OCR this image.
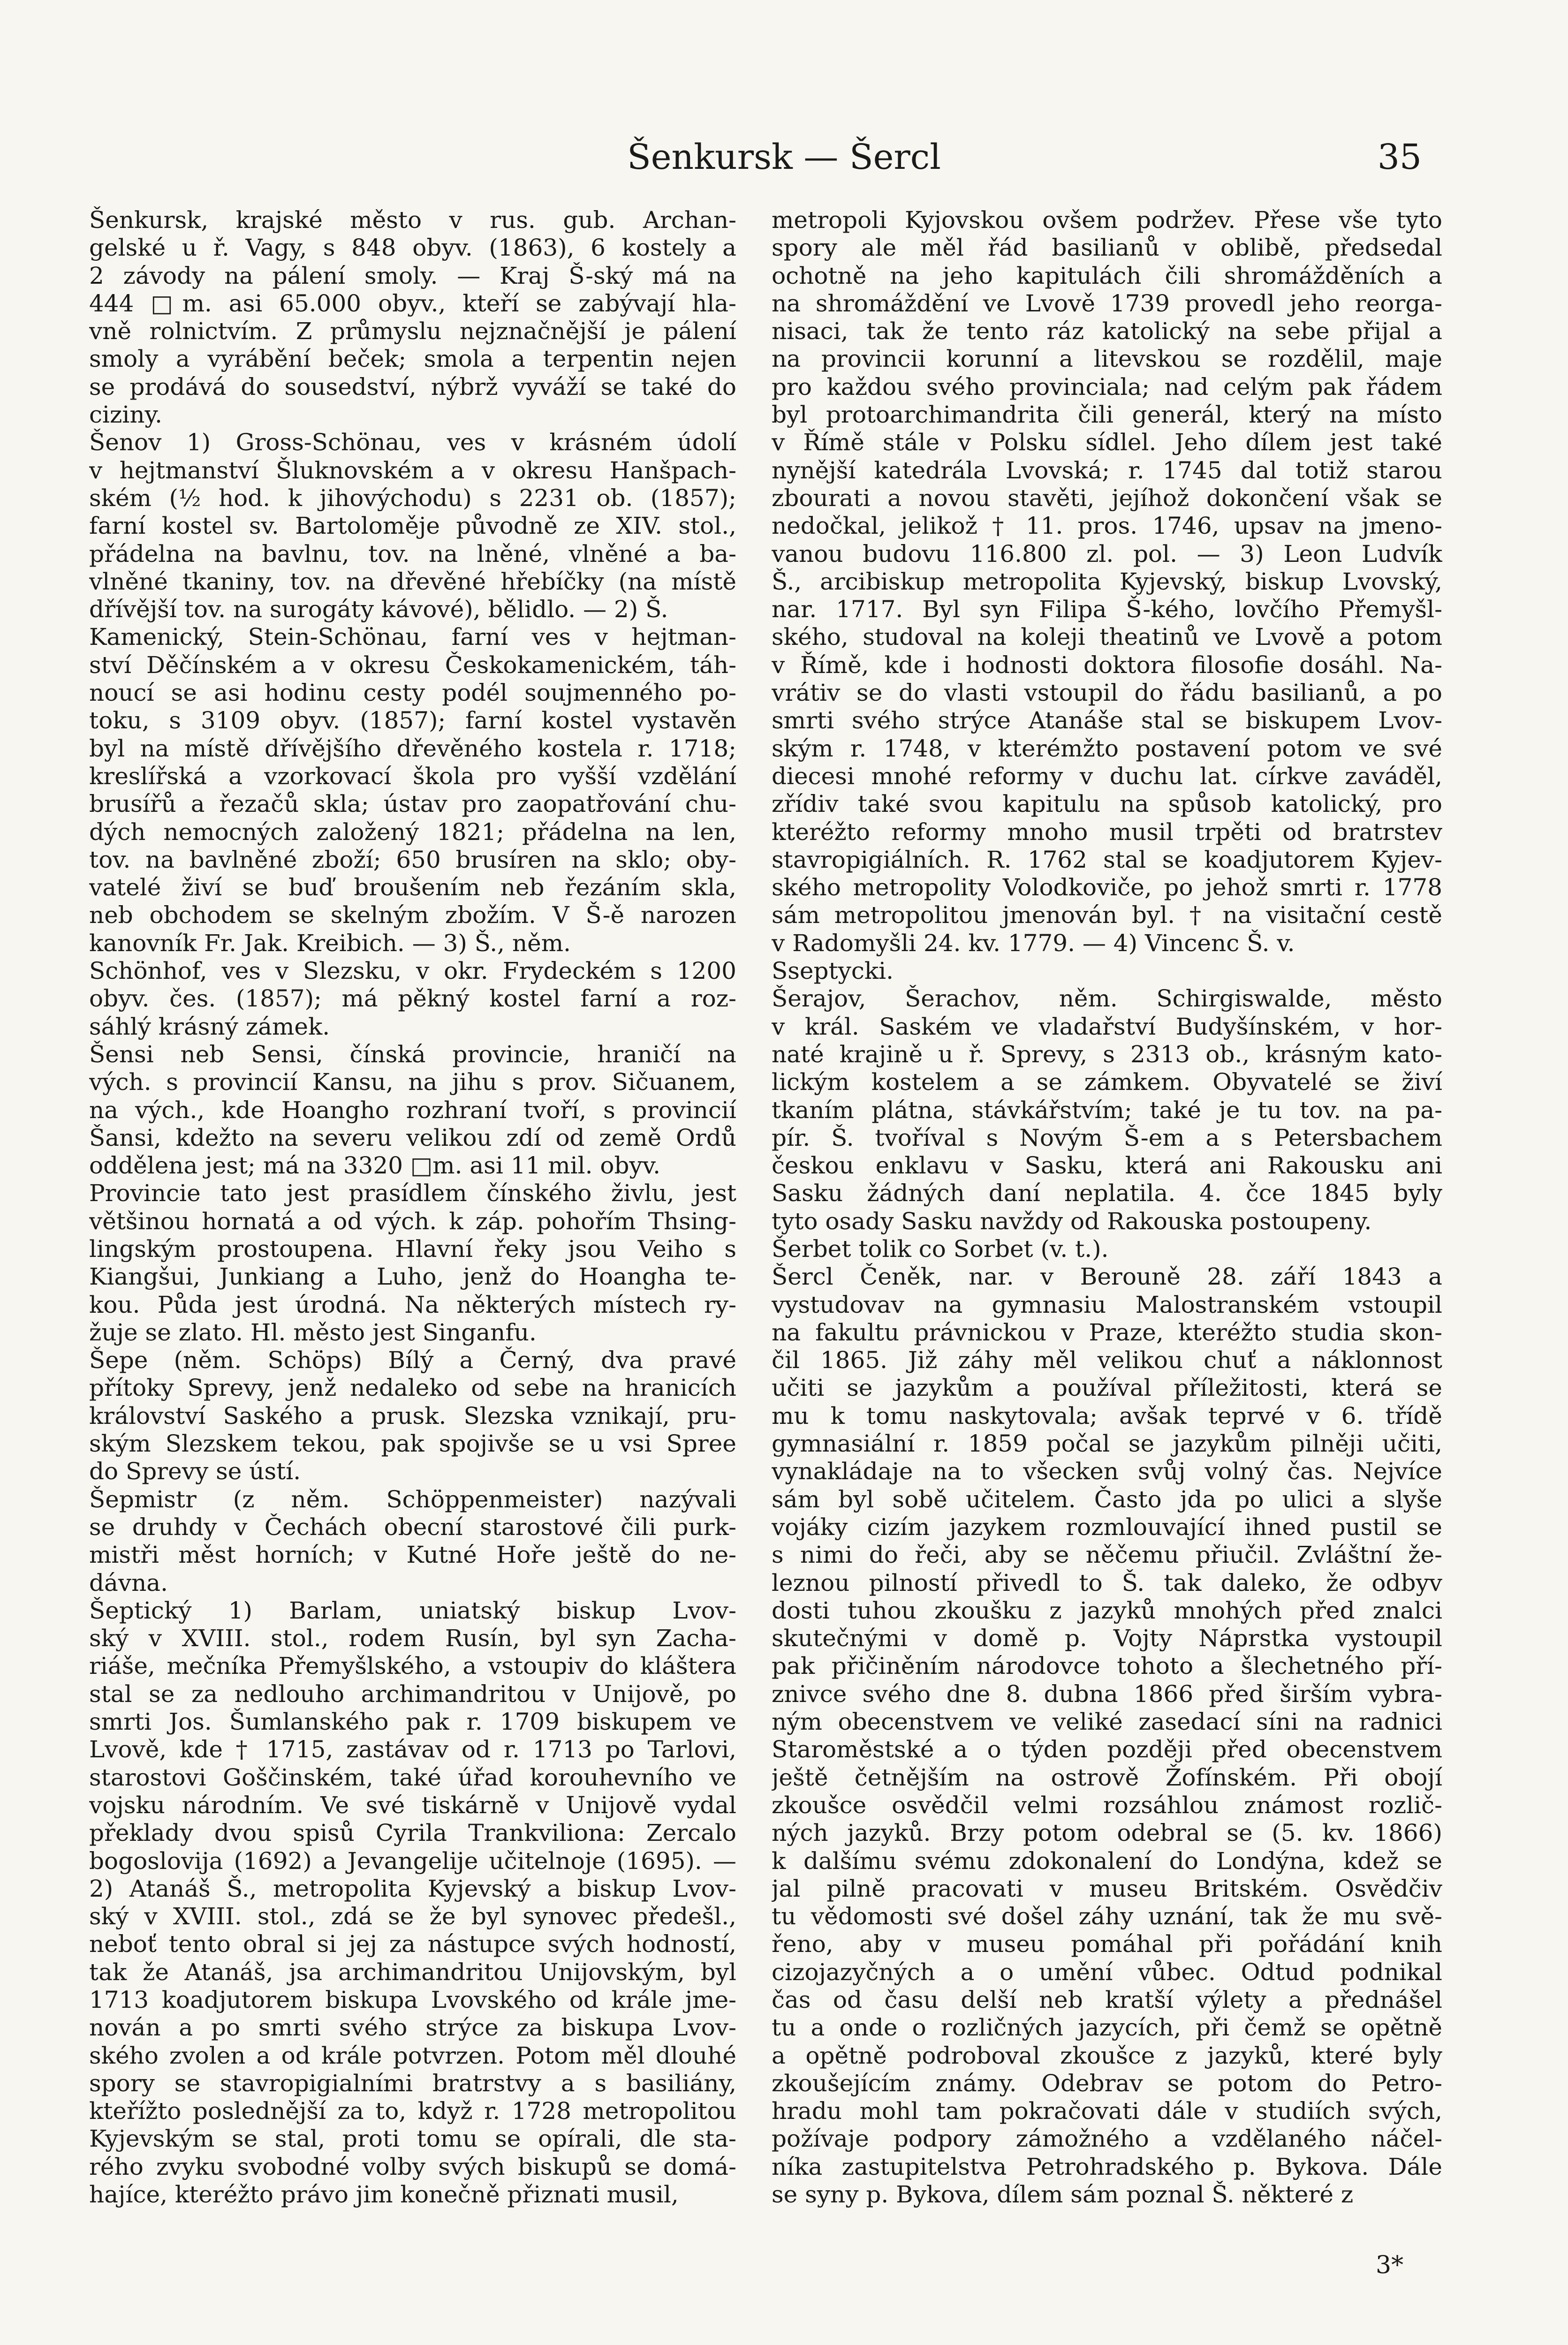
Šenkursk — Šercl	35
Šenkursk, krajské město v rus. gub. Archan-
gelské u ř. Vagy, s 848 obyv. (1863), 6 kostely a
2 závody na pálení smoly. — Kraj Š-ský má na
444 □m. asi 65.000 obyv., kteří se zabývají hla-
vně rolnictvím. Z průmyslu nejznačnější je pálení
smoly a vyrábění beček; smola a terpentin nejen
se prodává do sousedství, nýbrž vyváží se také do
ciziny.
Šenov 1) Gross-Schönau, ves v krásném údolí
v hejtmanství Šluknovském a v okresu Hanšpach-
ském (½ hod. k jihovýchodu) s 2231 ob. (1857);
farní kostel sv. Bartoloměje původně ze XIV. stol.,
přádelna na bavlnu, tov. na lněné, vlněné a ba-
vlněné tkaniny, tov. na dřevěné hřebíčky (na místě
dřívější tov. na surogáty kávové), bělidlo. — 2) Š.
Kamenický, Stein-Schönau, farní ves v hejtman-
ství Děčínském a v okresu Českokamenickém, táh-
noucí se asi hodinu cesty podél soujmenného po-
toku, s 3109 obyv. (1857); farní kostel vystavěn
byl na místě dřívějšího dřevěného kostela r. 1718;
kreslířská a vzorkovací škola pro vyšší vzdělání
brusířů a řezačů skla; ústav pro zaopatřování chu-
dých nemocných založený 1821; přádelna na len,
tov. na bavlněné zboží; 650 brusíren na sklo; oby-
vatelé živí se buď broušením neb řezáním skla,
neb obchodem se skelným zbožím. V Š-ě narozen
kanovník Fr. Jak. Kreibich. — 3) Š., něm.
Schönhof, ves v Slezsku, v okr. Frydeckém s 1200
obyv. čes. (1857); má pěkný kostel farní a roz-
sáhlý krásný zámek.
Šensi neb Sensi, čínská provincie, hraničí na
vých. s provincií Kansu, na jihu s prov. Sičuanem,
na vých., kde Hoangho rozhraní tvoří, s provincií
Šansi, kdežto na severu velikou zdí od země Ordů
oddělena jest; má na 3320 □m. asi 11 mil. obyv.
Provincie tato jest prasídlem čínského živlu, jest
většinou hornatá a od vých. k záp. pohořím Thsing-
lingským prostoupena. Hlavní řeky jsou Veiho s
Kiangšui, Junkiang a Luho, jenž do Hoangha te-
kou. Půda jest úrodná. Na některých místech ry-
žuje se zlato. Hl. město jest Singanfu.
Šepe (něm. Schöps) Bílý a Černý, dva pravé
přítoky Sprevy, jenž nedaleko od sebe na hranicích
království Saského a prusk. Slezska vznikají, pru-
ským Slezskem tekou, pak spojivše se u vsi Spree
do Sprevy se ústí.
Šepmistr (z něm. Schöppenmeister) nazývali
se druhdy v Čechách obecní starostové čili purk-
mistři měst horních; v Kutné Hoře ještě do ne-
dávna.
Šeptický 1) Barlam, uniatský biskup Lvov-
ský v XVIII. stol., rodem Rusín, byl syn Zacha-
riáše, mečníka Přemyšlského, a vstoupiv do kláštera
stal se za nedlouho archimandritou v Unijově, po
smrti Jos. Šumlanského pak r. 1709 biskupem ve
Lvově, kde † 1715, zastávav od r. 1713 po Tarlovi,
starostovi Goščinském, také úřad korouhevního ve
vojsku národním. Ve své tiskárně v Unijově vydal
překlady dvou spisů Cyrila Trankviliona: Zercalo
bogoslovija (1692) a Jevangelije učitelnoje (1695). —
2) Atanáš Š., metropolita Kyjevský a biskup Lvov-
ský v XVIII. stol., zdá se že byl synovec předešl.,
neboť tento obral si jej za nástupce svých hodností,
tak že Atanáš, jsa archimandritou Unijovským, byl
1713 koadjutorem biskupa Lvovského od krále jme-
nován a po smrti svého strýce za biskupa Lvov-
ského zvolen a od krále potvrzen. Potom měl dlouhé
spory se stavropigialními bratrstvy a s basiliány,
kteřížto poslednější za to, když r. 1728 metropolitou
Kyjevským se stal, proti tomu se opírali, dle sta-
rého zvyku svobodné volby svých biskupů se domá-
hajíce, kteréžto právo jim konečně přiznati musil,
metropoli Kyjovskou ovšem podržev. Přese vše tyto
spory ale měl řád basilianů v oblibě, předsedal
ochotně na jeho kapitulách čili shromážděních a
na shromáždění ve Lvově 1739 provedl jeho reorga-
nisaci, tak že tento ráz katolický na sebe přijal a
na provincii korunní a litevskou se rozdělil, maje
pro každou svého provinciala; nad celým pak řádem
byl protoarchimandrita čili generál, který na místo
v Římě stále v Polsku sídlel. Jeho dílem jest také
nynější katedrála Lvovská; r. 1745 dal totiž starou
zbourati a novou stavěti, jejíhož dokončení však se
nedočkal, jelikož † 11. pros. 1746, upsav na jmeno-
vanou budovu 116.800 zl. pol. — 3) Leon Ludvík
Š., arcibiskup metropolita Kyjevský, biskup Lvovský,
nar. 1717. Byl syn Filipa Š-kého, lovčího Přemyšl-
ského, studoval na koleji theatinů ve Lvově a potom
v Římě, kde i hodnosti doktora filosofie dosáhl. Na-
vrátiv se do vlasti vstoupil do řádu basilianů, a po
smrti svého strýce Atanáše stal se biskupem Lvov-
ským r. 1748, v kterémžto postavení potom ve své
diecesi mnohé reformy v duchu lat. církve zaváděl,
zřídiv také svou kapitulu na spůsob katolický, pro
kteréžto reformy mnoho musil trpěti od bratrstev
stavropigiálních. R. 1762 stal se koadjutorem Kyjev-
ského metropolity Volodkoviče, po jehož smrti r. 1778
sám metropolitou jmenován byl. † na visitační cestě
v Radomyšli 24. kv. 1779. — 4) Vincenc Š. v.
Sseptycki.
Šerajov, Šerachov, něm. Schirgiswalde, město
v král. Saském ve vladařství Budyšínském, v hor-
naté krajině u ř. Sprevy, s 2313 ob., krásným kato-
lickým kostelem a se zámkem. Obyvatelé se živí
tkaním plátna, stávkářstvím; také je tu tov. na pa-
pír. Š. tvoříval s Novým Š-em a s Petersbachem
českou enklavu v Sasku, která ani Rakousku ani
Sasku žádných daní neplatila. 4. čce 1845 byly
tyto osady Sasku navždy od Rakouska postoupeny.
Šerbet tolik co Sorbet (v. t.).
Šercl Čeněk, nar. v Berouně 28. září 1843 a
vystudovav na gymnasiu Malostranském vstoupil
na fakultu právnickou v Praze, kteréžto studia skon-
čil 1865. Již záhy měl velikou chuť a náklonnost
učiti se jazykům a používal příležitosti, která se
mu k tomu naskytovala; avšak teprvé v 6. třídě
gymnasiální r. 1859 počal se jazykům pilněji učiti,
vynakládaje na to všecken svůj volný čas. Nejvíce
sám byl sobě učitelem. Často jda po ulici a slyše
vojáky cizím jazykem rozmlouvající ihned pustil se
s nimi do řeči, aby se něčemu přiučil. Zvláštní že-
leznou pilností přivedl to Š. tak daleko, že odbyv
dosti tuhou zkoušku z jazyků mnohých před znalci
skutečnými v domě p. Vojty Náprstka vystoupil
pak přičiněním národovce tohoto a šlechetného pří-
znivce svého dne 8. dubna 1866 před širším vybra-
ným obecenstvem ve veliké zasedací síni na radnici
Staroměstské a o týden později před obecenstvem
ještě četnějším na ostrově Žofínském. Při obojí
zkoušce osvědčil velmi rozsáhlou známost rozlič-
ných jazyků. Brzy potom odebral se (5. kv. 1866)
k dalšímu svému zdokonalení do Londýna, kdež se
jal pilně pracovati v museu Britském. Osvědčiv
tu vědomosti své došel záhy uznání, tak že mu svě-
řeno, aby v museu pomáhal při pořádání knih
cizojazyčných a o umění vůbec. Odtud podnikal
čas od času delší neb kratší výlety a přednášel
tu a onde o rozličných jazycích, při čemž se opětně
a opětně podroboval zkoušce z jazyků, které byly
zkoušejícím známy. Odebrav se potom do Petro-
hradu mohl tam pokračovati dále v studiích svých,
požívaje podpory zámožného a vzdělaného náčel-
níka zastupitelstva Petrohradského p. Bykova. Dále
se syny p. Bykova, dílem sám poznal Š. některé z
3*
